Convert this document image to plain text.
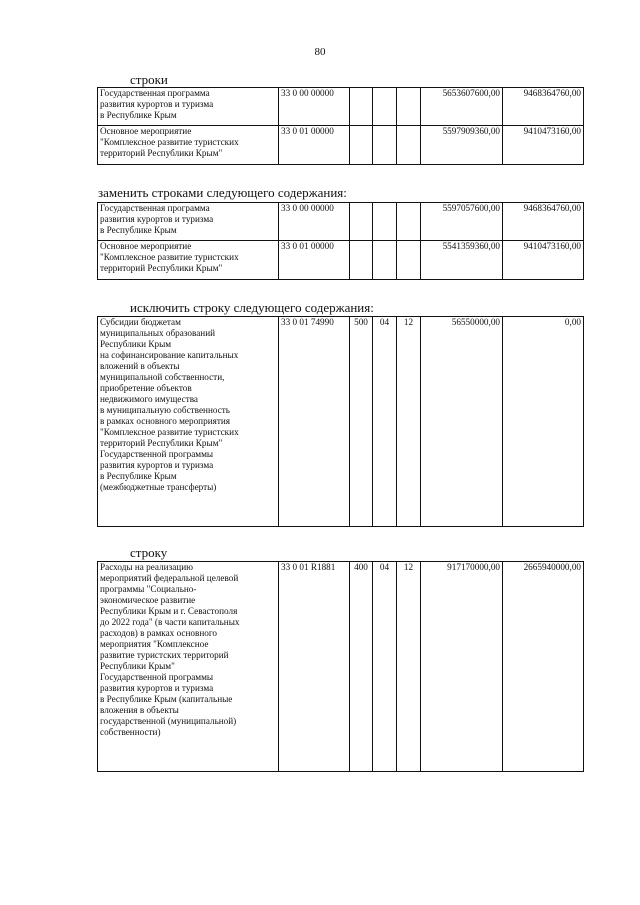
80
строки
Государственная программа
развития курортов и туризма
в Республике Крым	33 0 00 00000				5653607600,00	9468364760,00

Основное мероприятие
"Комплексное развитие туристских
территорий Республики Крым"	33 0 01 00000				5597909360,00	9410473160,00
заменить строками следующего содержания:
Государственная программа
развития курортов и туризма
в Республике Крым	33 0 00 00000				5597057600,00	9468364760,00

Основное мероприятие
"Комплексное развитие туристских
территорий Республики Крым"	33 0 01 00000				5541359360,00	9410473160,00
исключить строку следующего содержания:
Субсидии бюджетам
муниципальных образований
Республики Крым
на софинансирование капитальных
вложений в объекты
муниципальной собственности,
приобретение объектов
недвижимого имущества
в муниципальную собственность
в рамках основного мероприятия
"Комплексное развитие туристских
территорий Республики Крым"
Государственной программы
развития курортов и туризма
в Республике Крым
(межбюджетные трансферты)
	33 0 01 74990	500	04	12	56550000,00	0,00
строку
Расходы на реализацию
мероприятий федеральной целевой
программы "Социально-
экономическое развитие
Республики Крым и г. Севастополя
до 2022 года" (в части капитальных
расходов) в рамках основного
мероприятия "Комплексное
развитие туристских территорий
Республики Крым"
Государственной программы
развития курортов и туризма
в Республике Крым (капитальные
вложения в объекты
государственной (муниципальной)
собственности)
	33 0 01 R1881	400	04	12	917170000,00	2665940000,00
